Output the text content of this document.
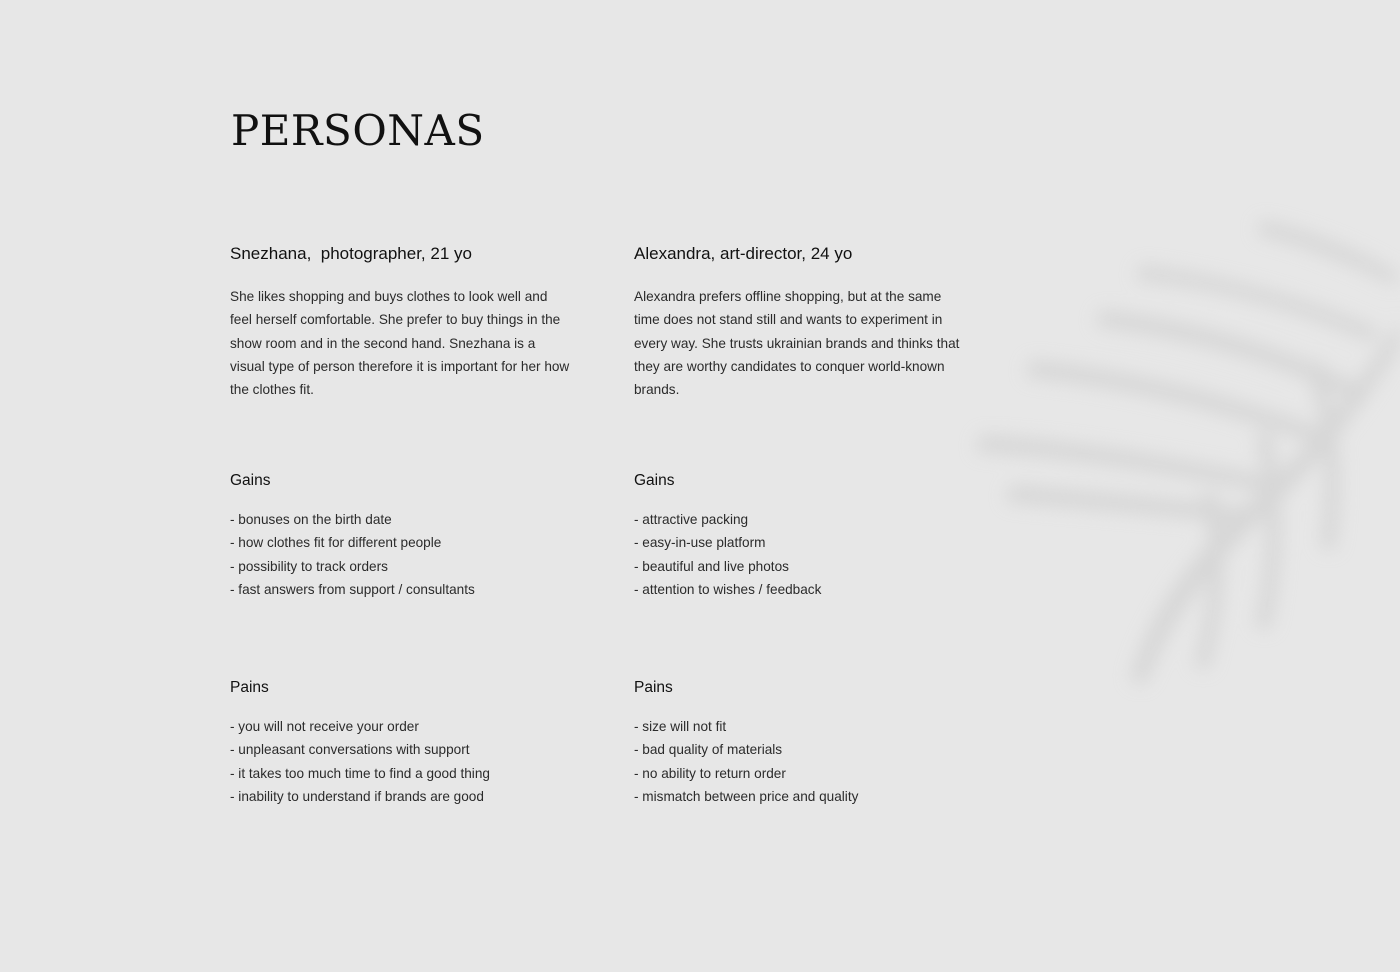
PERSONAS
Snezhana,  photographer, 21 yo

She likes shopping and buys clothes to look well and feel herself comfortable. She prefer to buy things in the show room and in the second hand. Snezhana is a visual type of person therefore it is important for her how the clothes fit.

Gains
- bonuses on the birth date
- how clothes fit for different people
- possibility to track orders
- fast answers from support / consultants
Pains
- you will not receive your order
- unpleasant conversations with support
- it takes too much time to find a good thing
- inability to understand if brands are good
Alexandra, art-director, 24 yo

Alexandra prefers offline shopping, but at the same time does not stand still and wants to experiment in every way. She trusts ukrainian brands and thinks that they are worthy candidates to conquer world-known brands.

Gains
- attractive packing
- easy-in-use platform
- beautiful and live photos
- attention to wishes / feedback
Pains
- size will not fit
- bad quality of materials
- no ability to return order
- mismatch between price and quality
